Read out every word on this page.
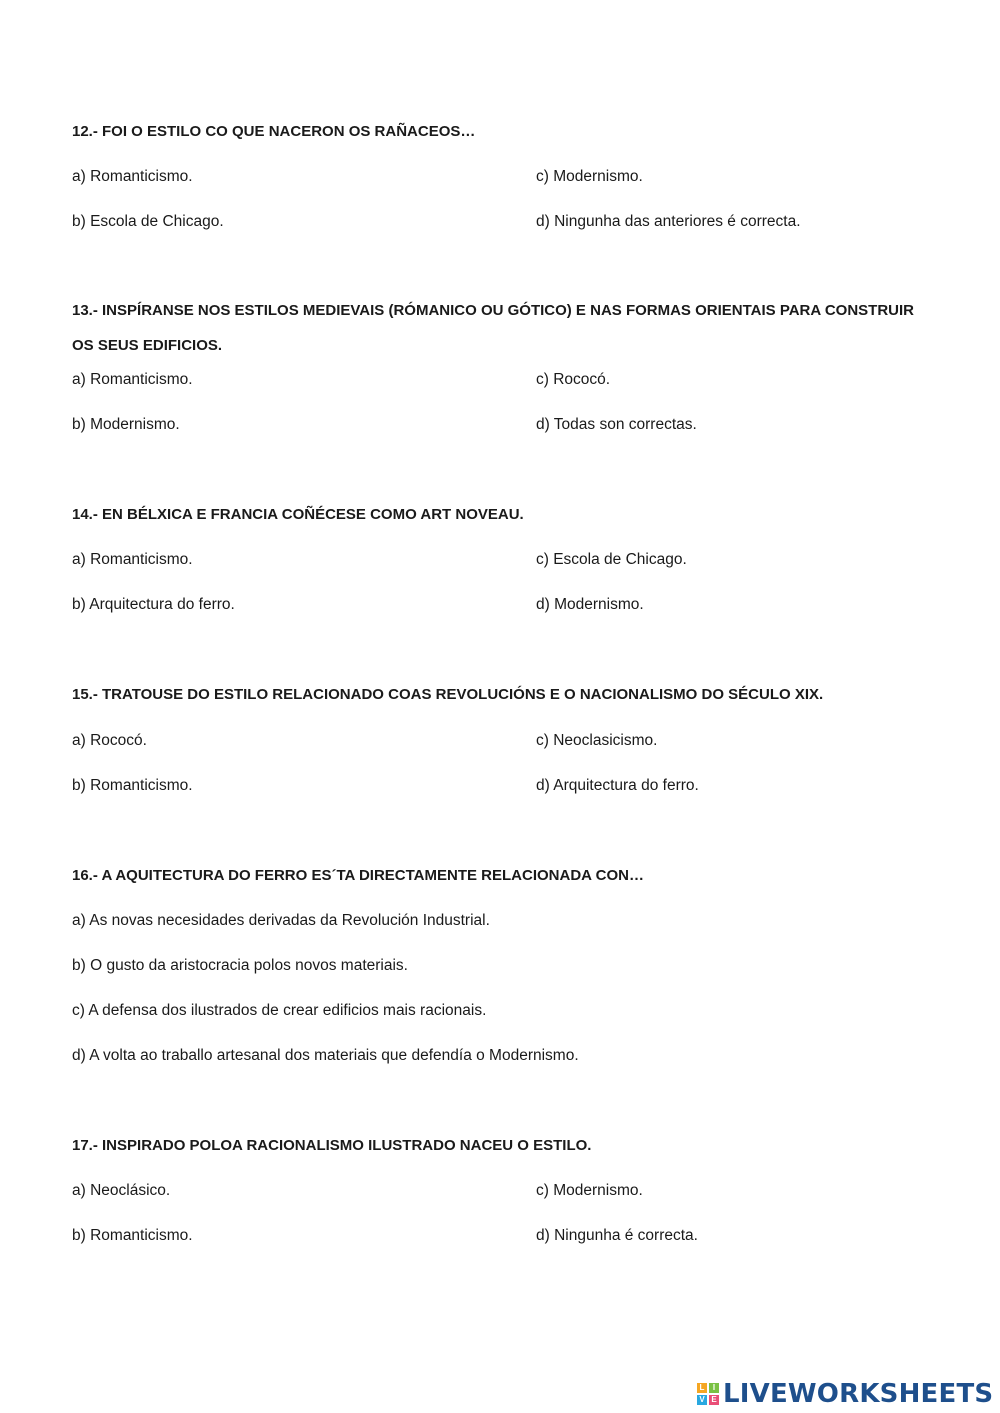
12.- FOI O ESTILO CO QUE NACERON OS RAÑACEOS…

a) Romanticismo.	c) Modernismo.
b) Escola de Chicago.	d) Ningunha das anteriores é correcta.

13.- INSPÍRANSE NOS ESTILOS MEDIEVAIS (RÓMANICO OU GÓTICO) E NAS FORMAS ORIENTAIS PARA CONSTRUIR

OS SEUS EDIFICIOS.

a) Romanticismo.	c) Rococó.
b) Modernismo.	d) Todas son correctas.

14.- EN BÉLXICA E FRANCIA COÑÉCESE COMO ART NOVEAU.

a) Romanticismo.	c) Escola de Chicago.
b) Arquitectura do ferro.	d) Modernismo.

15.- TRATOUSE DO ESTILO RELACIONADO COAS REVOLUCIÓNS E O NACIONALISMO DO SÉCULO XIX.

a) Rococó.	c) Neoclasicismo.
b) Romanticismo.	d) Arquitectura do ferro.

16.- A AQUITECTURA DO FERRO ES´TA DIRECTAMENTE RELACIONADA CON…

a) As novas necesidades derivadas da Revolución Industrial.
b) O gusto da aristocracia polos novos materiais.
c) A defensa dos ilustrados de crear edificios mais racionais.
d) A volta ao traballo artesanal dos materiais que defendía o Modernismo.

17.- INSPIRADO POLOA RACIONALISMO ILUSTRADO NACEU O ESTILO.

a) Neoclásico.	c) Modernismo.
b) Romanticismo.	d) Ningunha é correcta.
L	I
V E LIVEWORKSHEETS
